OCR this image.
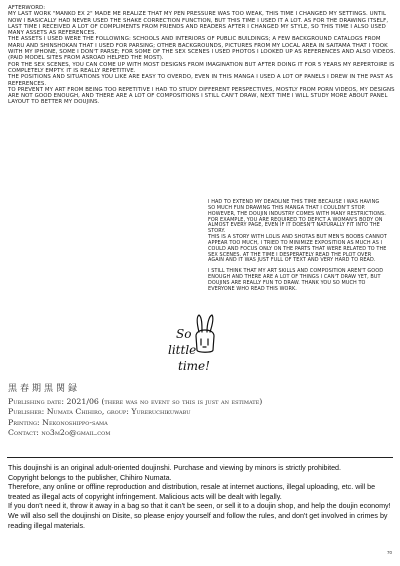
AFTERWORD:

MY LAST WORK "MANKO EX 2" MADE ME REALIZE THAT MY PEN PRESSURE WAS TOO WEAK, THIS TIME I CHANGED MY SETTINGS. UNTIL NOW I BASICALLY HAD NEVER USED THE SHAKE CORRECTION FUNCTION, BUT THIS TIME I USED IT A LOT. AS FOR THE DRAWING ITSELF, LAST TIME I RECEIVED A LOT OF COMPLIMENTS FROM FRIENDS AND READERS AFTER I CHANGED MY STYLE, SO THIS TIME I ALSO USED MANY ASSETS AS REFERENCES.

THE ASSETS I USED WERE THE FOLLOWING: SCHOOLS AND INTERIORS OF PUBLIC BUILDINGS; A FEW BACKGROUND CATALOGS FROM MARU AND SHINSHOKAN THAT I USED FOR PARSING; OTHER BACKGROUNDS, PICTURES FROM MY LOCAL AREA IN SAITAMA THAT I TOOK WITH MY IPHONE, SOME I DON'T PARSE; FOR SOME OF THE SEX SCENES I USED PHOTOS I LOOKED UP AS REFERENCES AND ALSO VIDEOS. (PAID MODEL SITES FROM ASROAD HELPED THE MOST).

FOR THE SEX SCENES, YOU CAN COME UP WITH MOST DESIGNS FROM IMAGINATION BUT AFTER DOING IT FOR 5 YEARS MY REPERTOIRE IS COMPLETELY EMPTY. IT IS REALLY REPETITIVE.

THE POSITIONS AND SITUATIONS YOU LIKE ARE EASY TO OVERDO, EVEN IN THIS MANGA I USED A LOT OF PANELS I DREW IN THE PAST AS REFERENCES.

TO PREVENT MY ART FROM BEING TOO REPETITIVE I HAD TO STUDY DIFFERENT PERSPECTIVES, MOSTLY FROM PORN VIDEOS, MY DESIGNS ARE NOT GOOD ENOUGH, AND THERE ARE A LOT OF COMPOSITIONS I STILL CAN'T DRAW, NEXT TIME I WILL STUDY MORE ABOUT PANEL LAYOUT TO BETTER MY DOUJINS.

I HAD TO EXTEND MY DEADLINE THIS TIME BECAUSE I WAS HAVING SO MUCH FUN DRAWING THIS MANGA THAT I COULDN'T STOP. HOWEVER, THE DOUJIN INDUSTRY COMES WITH MANY RESTRICTIONS. FOR EXAMPLE, YOU ARE REQUIRED TO DEPICT A WOMAN'S BODY ON ALMOST EVERY PAGE, EVEN IF IT DOESN'T NATURALLY FIT INTO THE STORY.

THIS IS A STORY WITH LOLIS AND SHOTAS BUT MEN'S BOOBS CANNOT APPEAR TOO MUCH, I TRIED TO MINIMIZE EXPOSITION AS MUCH AS I COULD AND FOCUS ONLY ON THE PARTS THAT WERE RELATED TO THE SEX SCENES. AT THE TIME I DESPERATELY READ THE PLOT OVER AGAIN AND IT WAS JUST FULL OF TEXT AND VERY HARD TO READ.

I STILL THINK THAT MY ART SKILLS AND COMPOSITION AREN'T GOOD ENOUGH AND THERE ARE A LOT OF THINGS I CAN'T DRAW YET, BUT DOUJINS ARE REALLY FUN TO DRAW. THANK YOU SO MUCH TO EVERYONE WHO READ THIS WORK.

So
little
time!
黒春期黒関録
Publishing date: 2021/06 (there was no event so this is just an estimate)
Publisher: Numata Chihiro, group: Yureruchikuwabu
Printing: Nekonoshippo-sama
Contact: no3m2o@gmail.com

This doujinshi is an original adult-oriented doujinshi. Purchase and viewing by minors is strictly prohibited.

Copyright belongs to the publisher, Chihiro Numata.

Therefore, any online or offline reproduction and distribution, resale at internet auctions, illegal uploading, etc. will be treated as illegal acts of copyright infringement. Malicious acts will be dealt with legally.

If you don't need it, throw it away in a bag so that it can't be seen, or sell it to a doujin shop, and help the doujin economy!

We will also sell the doujinshi on Disite, so please enjoy yourself and follow the rules, and don't get involved in crimes by reading illegal materials.

70
